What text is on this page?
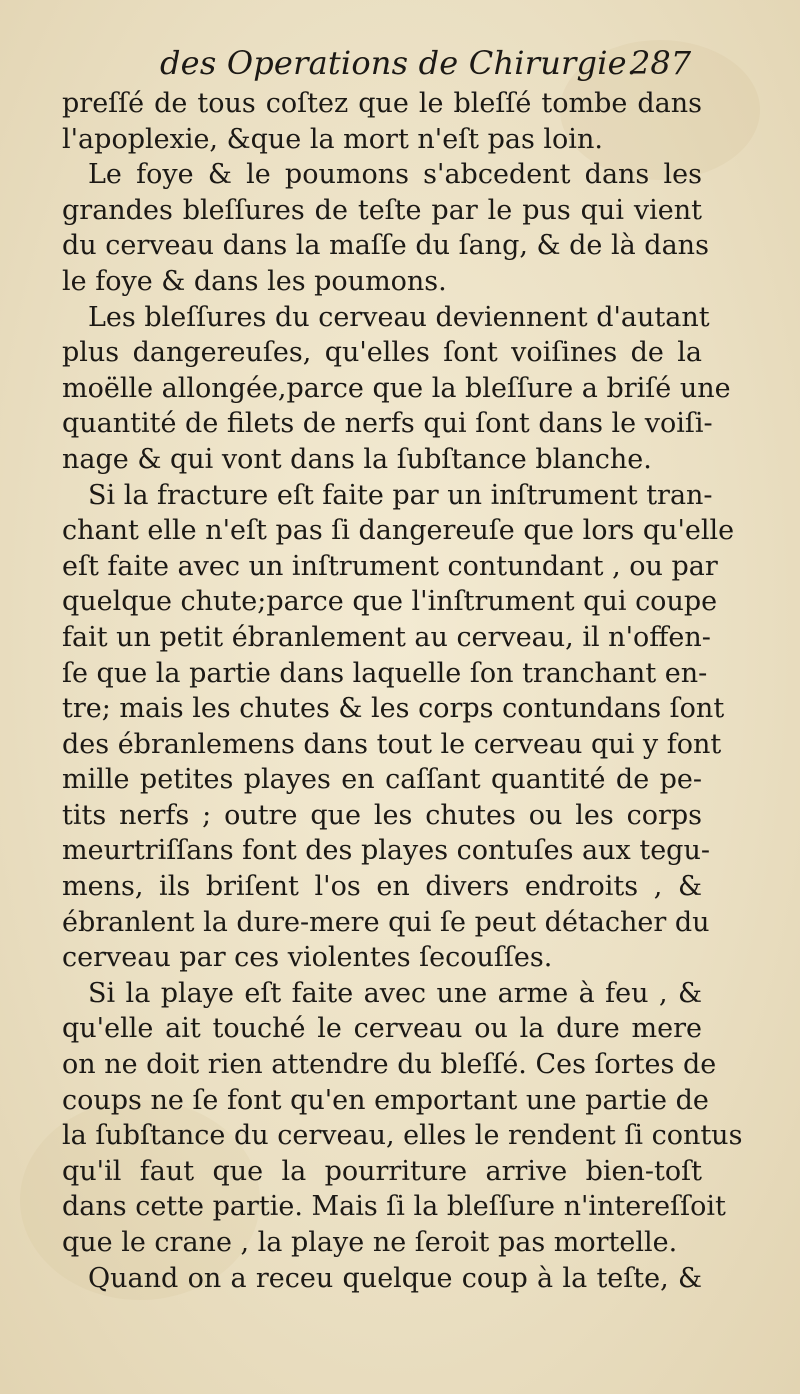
des Operations de Chirurgie.
287
preſſé de tous coſtez que le bleſſé tombe dans
l'apoplexie, &que la mort n'eſt pas loin.
Le foye & le poumons s'abcedent dans les
grandes bleſſures de teſte par le pus qui vient
du cerveau dans la maſſe du ſang, & de là dans
le foye & dans les poumons.
Les bleſſures du cerveau deviennent d'autant
plus dangereuſes, qu'elles ſont voiſines de la
moëlle allongée,parce que la bleſſure a briſé une
quantité de filets de nerfs qui ſont dans le voiſi-
nage & qui vont dans la ſubſtance blanche.
Si la fracture eſt faite par un inſtrument tran-
chant elle n'eſt pas ſi dangereuſe que lors qu'elle
eſt faite avec un inſtrument contundant , ou par
quelque chute;parce que l'inſtrument qui coupe
fait un petit ébranlement au cerveau, il n'offen-
ſe que la partie dans laquelle ſon tranchant en-
tre; mais les chutes & les corps contundans ſont
des ébranlemens dans tout le cerveau qui y font
mille petites playes en caſſant quantité de pe-
tits nerfs ; outre que les chutes ou les corps
meurtriſſans font des playes contuſes aux tegu-
mens, ils briſent l'os en divers endroits , &
ébranlent la dure-mere qui ſe peut détacher du
cerveau par ces violentes ſecouſſes.
Si la playe eſt faite avec une arme à feu , &
qu'elle ait touché le cerveau ou la dure mere
on ne doit rien attendre du bleſſé. Ces ſortes de
coups ne ſe font qu'en emportant une partie de
la ſubſtance du cerveau, elles le rendent ſi contus
qu'il faut que la pourriture arrive bien-toſt
dans cette partie. Mais ſi la bleſſure n'intereſſoit
que le crane , la playe ne ſeroit pas mortelle.
Quand on a receu quelque coup à la teſte, &
